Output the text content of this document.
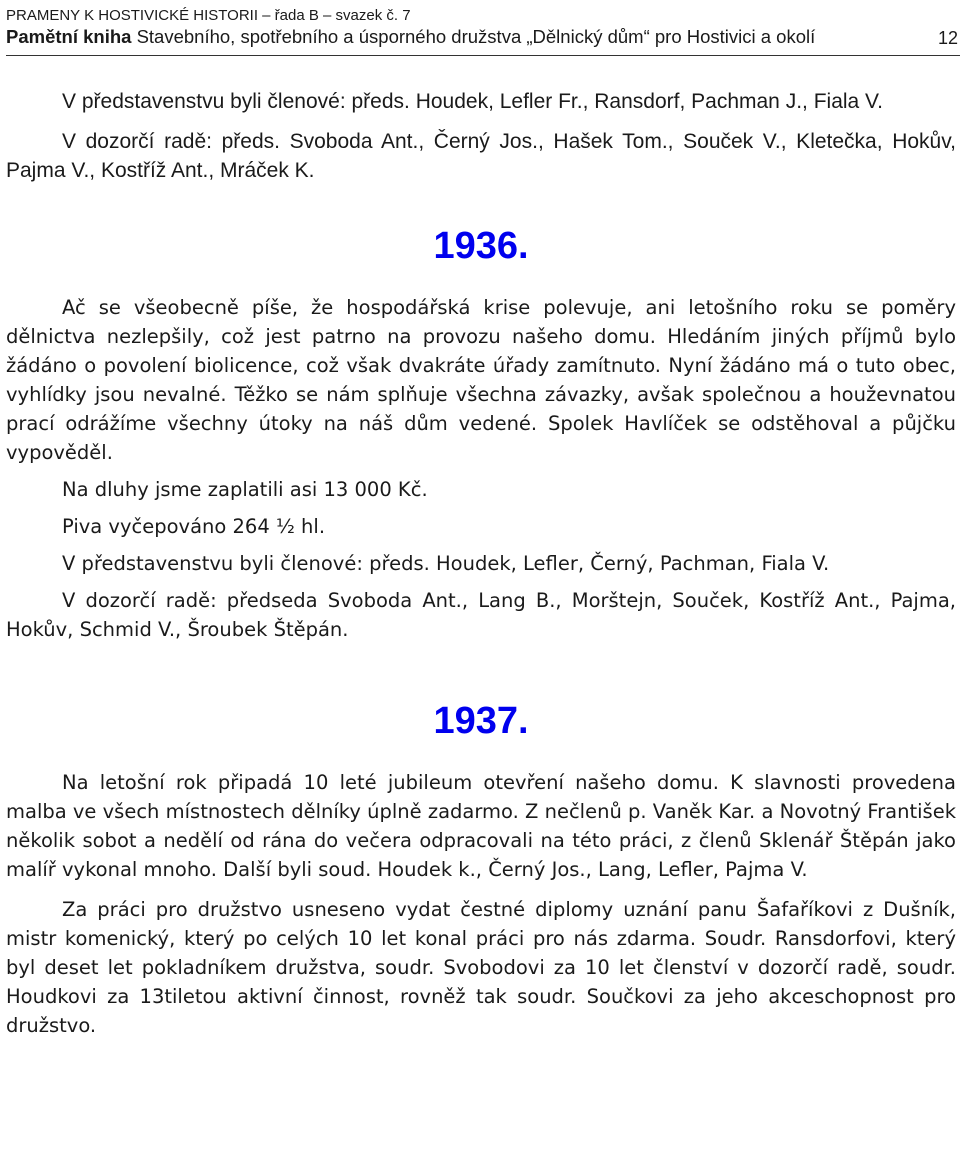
PRAMENY K HOSTIVICKÉ HISTORII – řada B – svazek č. 7
Pamětní kniha Stavebního, spotřebního a úsporného družstva „Dělnický dům“ pro Hostivici a okolí	12

V představenstvu byli členové: předs. Houdek, Lefler Fr., Ransdorf, Pachman J., Fiala V.

V dozorčí radě: předs. Svoboda Ant., Černý Jos., Hašek Tom., Souček V., Kletečka, Hokův, Pajma V., Kostříž Ant., Mráček K.

1936.

Ač se všeobecně píše, že hospodářská krise polevuje, ani letošního roku se poměry dělnictva nezlepšily, což jest patrno na provozu našeho domu. Hledáním jiných příjmů bylo žádáno o povolení biolicence, což však dvakráte úřady zamítnuto. Nyní žádáno má o tuto obec, vyhlídky jsou nevalné. Těžko se nám splňuje všechna závazky, avšak společnou a houževnatou prací odrážíme všechny útoky na náš dům vedené. Spolek Havlíček se odstěhoval a půjčku vypověděl.

Na dluhy jsme zaplatili asi 13 000 Kč.

Piva vyčepováno 264 ½ hl.

V představenstvu byli členové: předs. Houdek, Lefler, Černý, Pachman, Fiala V.

V dozorčí radě: předseda Svoboda Ant., Lang B., Morštejn, Souček, Kostříž Ant., Pajma, Hokův, Schmid V., Šroubek Štěpán.

1937.

Na letošní rok připadá 10 leté jubileum otevření našeho domu. K slavnosti provedena malba ve všech místnostech dělníky úplně zadarmo. Z nečlenů p. Vaněk Kar. a Novotný František několik sobot a nedělí od rána do večera odpracovali na této práci, z členů Sklenář Štěpán jako malíř vykonal mnoho. Další byli soud. Houdek k., Černý Jos., Lang, Lefler, Pajma V.

Za práci pro družstvo usneseno vydat čestné diplomy uznání panu Šafaříkovi z Dušník, mistr komenický, který po celých 10 let konal práci pro nás zdarma. Soudr. Ransdorfovi, který byl deset let pokladníkem družstva, soudr. Svobodovi za 10 let členství v dozorčí radě, soudr. Houdkovi za 13tiletou aktivní činnost, rovněž tak soudr. Součkovi za jeho akceschopnost pro družstvo.
